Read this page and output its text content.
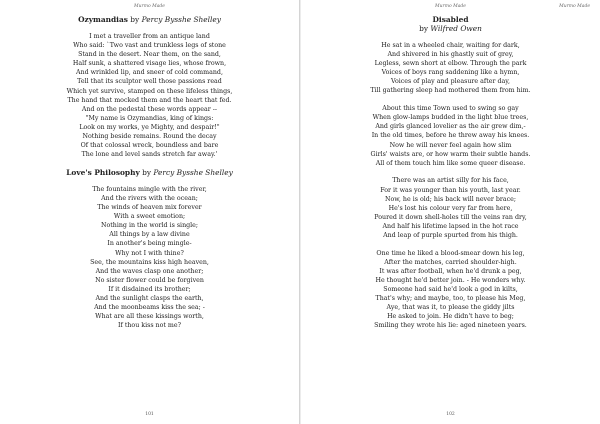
Murmo Made
Ozymandias by Percy Bysshe Shelley
I met a traveller from an antique land
Who said: `Two vast and trunkless legs of stone
Stand in the desert. Near them, on the sand,
Half sunk, a shattered visage lies, whose frown,
And wrinkled lip, and sneer of cold command,
Tell that its sculptor well those passions read
Which yet survive, stamped on these lifeless things,
The hand that mocked them and the heart that fed.
And on the pedestal these words appear --
"My name is Ozymandias, king of kings:
Look on my works, ye Mighty, and despair!"
Nothing beside remains. Round the decay
Of that colossal wreck, boundless and bare
The lone and level sands stretch far away.'
Love's Philosophy by Percy Bysshe Shelley
The fountains mingle with the river,
And the rivers with the ocean;
The winds of heaven mix forever
With a sweet emotion;
Nothing in the world is single;
All things by a law divine
In another's being mingle-
Why not I with thine?
See, the mountains kiss high heaven,
And the waves clasp one another;
No sister flower could be forgiven
If it disdained its brother;
And the sunlight clasps the earth,
And the moonbeams kiss the sea; -
What are all these kissings worth,
If thou kiss not me?
101
Murmo Made	Murmo Made
Disabled
by Wilfred Owen
He sat in a wheeled chair, waiting for dark,
And shivered in his ghastly suit of grey,
Legless, sewn short at elbow. Through the park
Voices of boys rang saddening like a hymn,
Voices of play and pleasure after day,
Till gathering sleep had mothered them from him.
About this time Town used to swing so gay
When glow-lamps budded in the light blue trees,
And girls glanced lovelier as the air grew dim,-
In the old times, before he threw away his knees.
Now he will never feel again how slim
Girls' waists are, or how warm their subtle hands.
All of them touch him like some queer disease.
There was an artist silly for his face,
For it was younger than his youth, last year.
Now, he is old; his back will never brace;
He's lost his colour very far from here,
Poured it down shell-holes till the veins ran dry,
And half his lifetime lapsed in the hot race
And leap of purple spurted from his thigh.
One time he liked a blood-smear down his leg,
After the matches, carried shoulder-high.
It was after football, when he'd drunk a peg,
He thought he'd better join. - He wonders why.
Someone had said he'd look a god in kilts,
That's why; and maybe, too, to please his Meg,
Aye, that was it, to please the giddy jilts
He asked to join. He didn't have to beg;
Smiling they wrote his lie: aged nineteen years.
102
